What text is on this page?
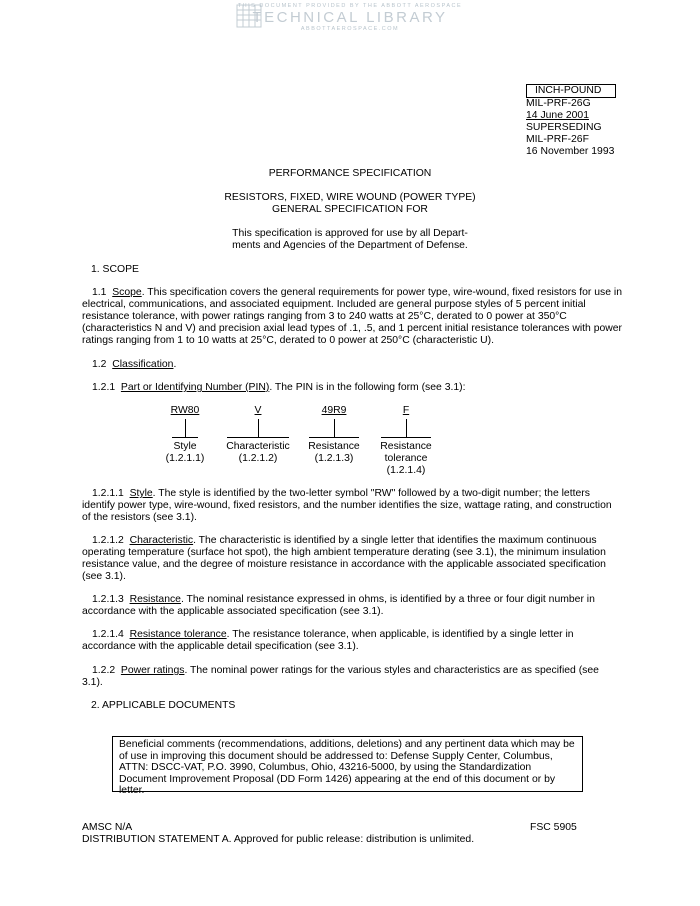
THIS DOCUMENT PROVIDED BY THE ABBOTT AEROSPACE
TECHNICAL LIBRARY
ABBOTTAEROSPACE.COM
INCH-POUND
MIL-PRF-26G
14 June 2001
SUPERSEDING
MIL-PRF-26F
16 November 1993
PERFORMANCE SPECIFICATION
RESISTORS, FIXED, WIRE WOUND (POWER TYPE)
GENERAL SPECIFICATION FOR
This specification is approved for use by all Depart-
ments and Agencies of the Department of Defense.
1. SCOPE

1.1 Scope. This specification covers the general requirements for power type, wire-wound, fixed resistors for use in electrical, communications, and associated equipment. Included are general purpose styles of 5 percent initial resistance tolerance, with power ratings ranging from 3 to 240 watts at 25°C, derated to 0 power at 350°C (characteristics N and V) and precision axial lead types of .1, .5, and 1 percent initial resistance tolerances with power ratings ranging from 1 to 10 watts at 25°C, derated to 0 power at 250°C (characteristic U).

1.2 Classification.

1.2.1 Part or Identifying Number (PIN). The PIN is in the following form (see 3.1):

RW80	V	49R9	F
Style	Characteristic	Resistance	Resistance
(1.2.1.1)	(1.2.1.2)	(1.2.1.3)	tolerance
(1.2.1.4)

1.2.1.1 Style. The style is identified by the two-letter symbol "RW" followed by a two-digit number; the letters identify power type, wire-wound, fixed resistors, and the number identifies the size, wattage rating, and construction of the resistors (see 3.1).

1.2.1.2 Characteristic. The characteristic is identified by a single letter that identifies the maximum continuous operating temperature (surface hot spot), the high ambient temperature derating (see 3.1), the minimum insulation resistance value, and the degree of moisture resistance in accordance with the applicable associated specification (see 3.1).

1.2.1.3 Resistance. The nominal resistance expressed in ohms, is identified by a three or four digit number in accordance with the applicable associated specification (see 3.1).

1.2.1.4 Resistance tolerance. The resistance tolerance, when applicable, is identified by a single letter in accordance with the applicable detail specification (see 3.1).

1.2.2 Power ratings. The nominal power ratings for the various styles and characteristics are as specified (see 3.1).

2. APPLICABLE DOCUMENTS
Beneficial comments (recommendations, additions, deletions) and any pertinent data which may be of use in improving this document should be addressed to: Defense Supply Center, Columbus, ATTN: DSCC-VAT, P.O. 3990, Columbus, Ohio, 43216-5000, by using the Standardization Document Improvement Proposal (DD Form 1426) appearing at the end of this document or by letter.
AMSC N/A	FSC 5905
DISTRIBUTION STATEMENT A. Approved for public release: distribution is unlimited.
